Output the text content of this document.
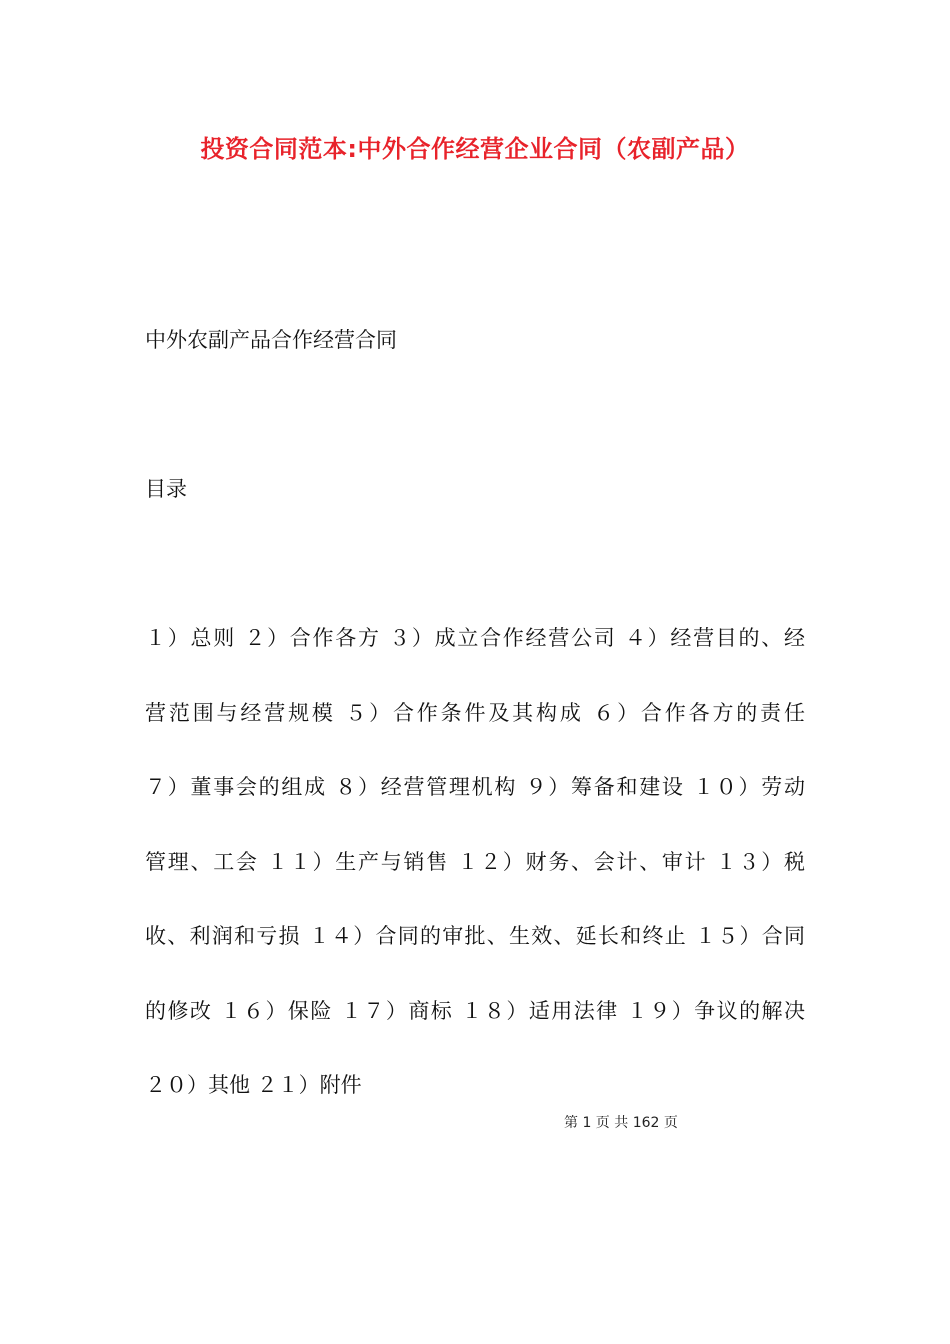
投资合同范本:中外合作经营企业合同（农副产品）
中外农副产品合作经营合同
目录
１）总则 ２）合作各方 ３）成立合作经营公司 ４）经营目的、经
营范围与经营规模 ５）合作条件及其构成 ６）合作各方的责任
７）董事会的组成 ８）经营管理机构 ９）筹备和建设 １０）劳动
管理、工会 １１）生产与销售 １２）财务、会计、审计 １３）税
收、利润和亏损 １４）合同的审批、生效、延长和终止 １５）合同
的修改 １６）保险 １７）商标 １８）适用法律 １９）争议的解决
２０）其他 ２１）附件
第 1 页 共 162 页
